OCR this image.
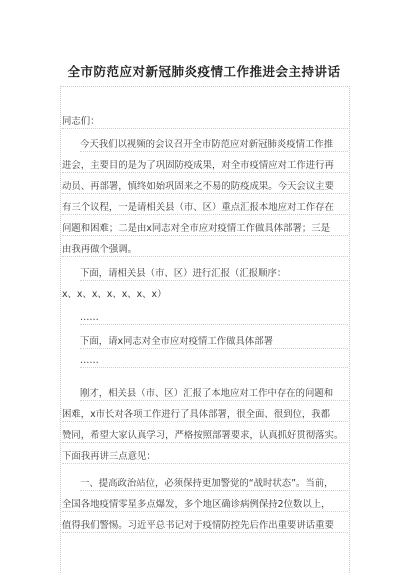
全市防范应对新冠肺炎疫情工作推进会主持讲话
同志们：
今天我们以视频的会议召开全市防范应对新冠肺炎疫情工作推
进会，主要目的是为了巩固防疫成果，对全市疫情应对工作进行再
动员、再部署，慎终如始巩固来之不易的防疫成果。今天会议主要
有三个议程，一是请相关县（市、区）重点汇报本地应对工作存在
问题和困难；二是由x同志对全市应对疫情工作做具体部署；三是
由我再做个强调。
下面，请相关县（市、区）进行汇报（汇报顺序：
x、x、x、x、x、x、x）
……
下面，请x同志对全市应对疫情工作做具体部署
……
刚才，相关县（市、区）汇报了本地应对工作中存在的问题和
困难，x市长对各项工作进行了具体部署，很全面、很到位，我都
赞同，希望大家认真学习，严格按照部署要求，认真抓好贯彻落实。
下面我再讲三点意见：
一、提高政治站位，必须保持更加警觉的“战时状态”。当前，
全国各地疫情零星多点爆发，多个地区确诊病例保持2位数以上，
值得我们警惕。习近平总书记对于疫情防控先后作出重要讲话重要
